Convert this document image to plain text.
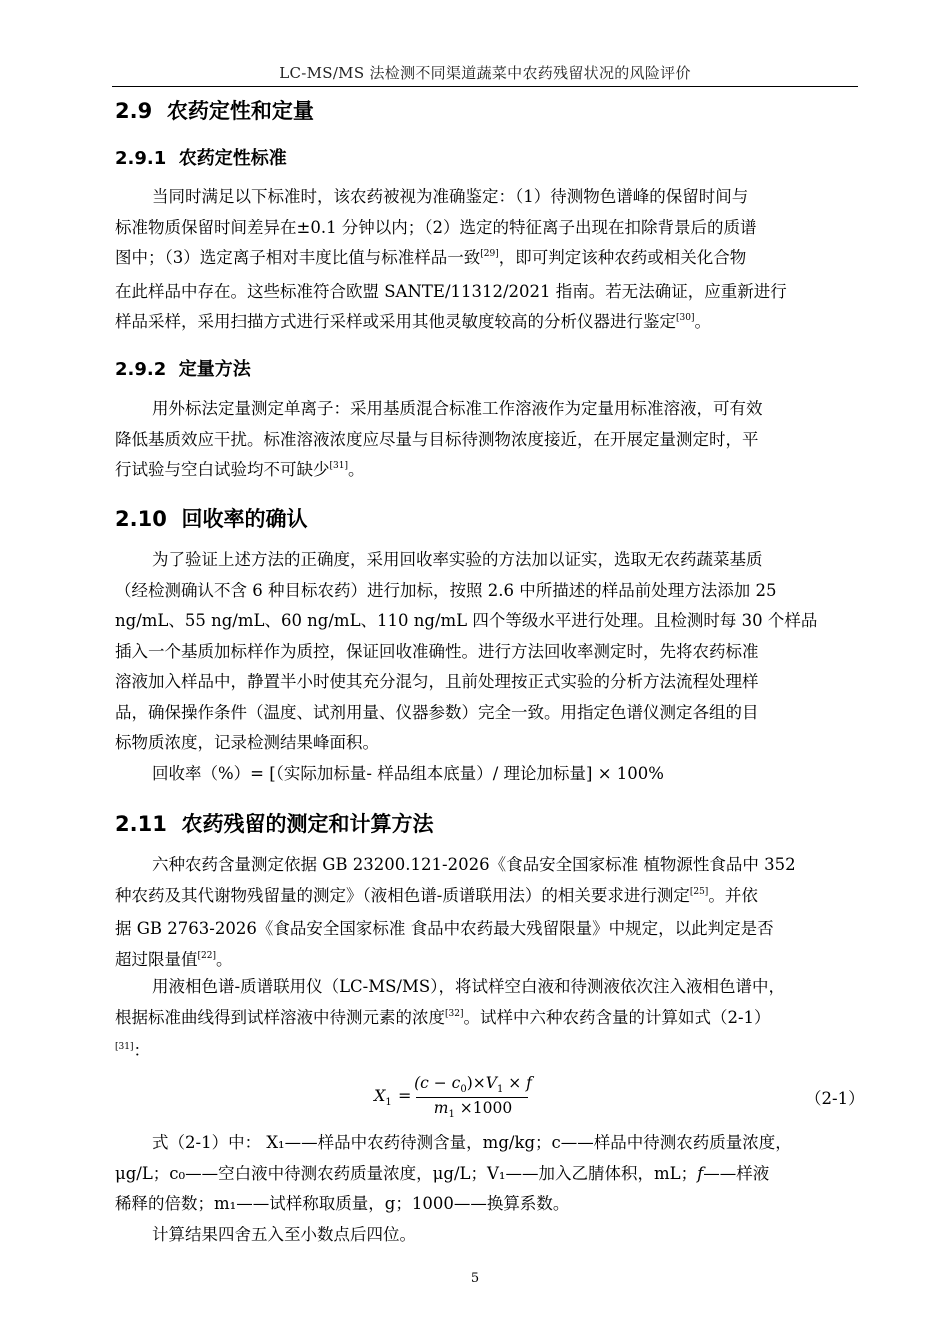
LC-MS/MS 法检测不同渠道蔬菜中农药残留状况的风险评价
2.9 农药定性和定量
2.9.1 农药定性标准
当同时满足以下标准时，该农药被视为准确鉴定：（1）待测物色谱峰的保留时间与
标准物质保留时间差异在±0.1 分钟以内；（2）选定的特征离子出现在扣除背景后的质谱
图中；（3）选定离子相对丰度比值与标准样品一致[29]，即可判定该种农药或相关化合物
在此样品中存在。这些标准符合欧盟 SANTE/11312/2021 指南。若无法确证，应重新进行
样品采样，采用扫描方式进行采样或采用其他灵敏度较高的分析仪器进行鉴定[30]。
2.9.2 定量方法
用外标法定量测定单离子：采用基质混合标准工作溶液作为定量用标准溶液，可有效
降低基质效应干扰。标准溶液浓度应尽量与目标待测物浓度接近，在开展定量测定时，平
行试验与空白试验均不可缺少[31]。
2.10 回收率的确认
为了验证上述方法的正确度，采用回收率实验的方法加以证实，选取无农药蔬菜基质
（经检测确认不含 6 种目标农药）进行加标，按照 2.6 中所描述的样品前处理方法添加 25
ng/mL、55 ng/mL、60 ng/mL、110 ng/mL 四个等级水平进行处理。且检测时每 30 个样品
插入一个基质加标样作为质控，保证回收准确性。进行方法回收率测定时，先将农药标准
溶液加入样品中，静置半小时使其充分混匀，且前处理按正式实验的分析方法流程处理样
品，确保操作条件（温度、试剂用量、仪器参数）完全一致。用指定色谱仪测定各组的目
标物质浓度，记录检测结果峰面积。
回收率（%）= [（实际加标量- 样品组本底量）/ 理论加标量] × 100%
2.11 农药残留的测定和计算方法
六种农药含量测定依据 GB 23200.121-2026《食品安全国家标准 植物源性食品中 352
种农药及其代谢物残留量的测定》（液相色谱-质谱联用法）的相关要求进行测定[25]。并依
据 GB 2763-2026《食品安全国家标准 食品中农药最大残留限量》中规定，以此判定是否
超过限量值[22]。
用液相色谱-质谱联用仪（LC-MS/MS），将试样空白液和待测液依次注入液相色谱中，
根据标准曲线得到试样溶液中待测元素的浓度[32]。试样中六种农药含量的计算如式（2-1）
[31]：
$X_1$ =
$(c - c_0)\times V_1 \times f$
$m_1 \times 1000$	（2-1）
式（2-1）中： X₁——样品中农药待测含量，mg/kg；c——样品中待测农药质量浓度，
μg/L；c₀——空白液中待测农药质量浓度，μg/L；V₁——加入乙腈体积，mL；f——样液
稀释的倍数；m₁——试样称取质量，g；1000——换算系数。
计算结果四舍五入至小数点后四位。
5
